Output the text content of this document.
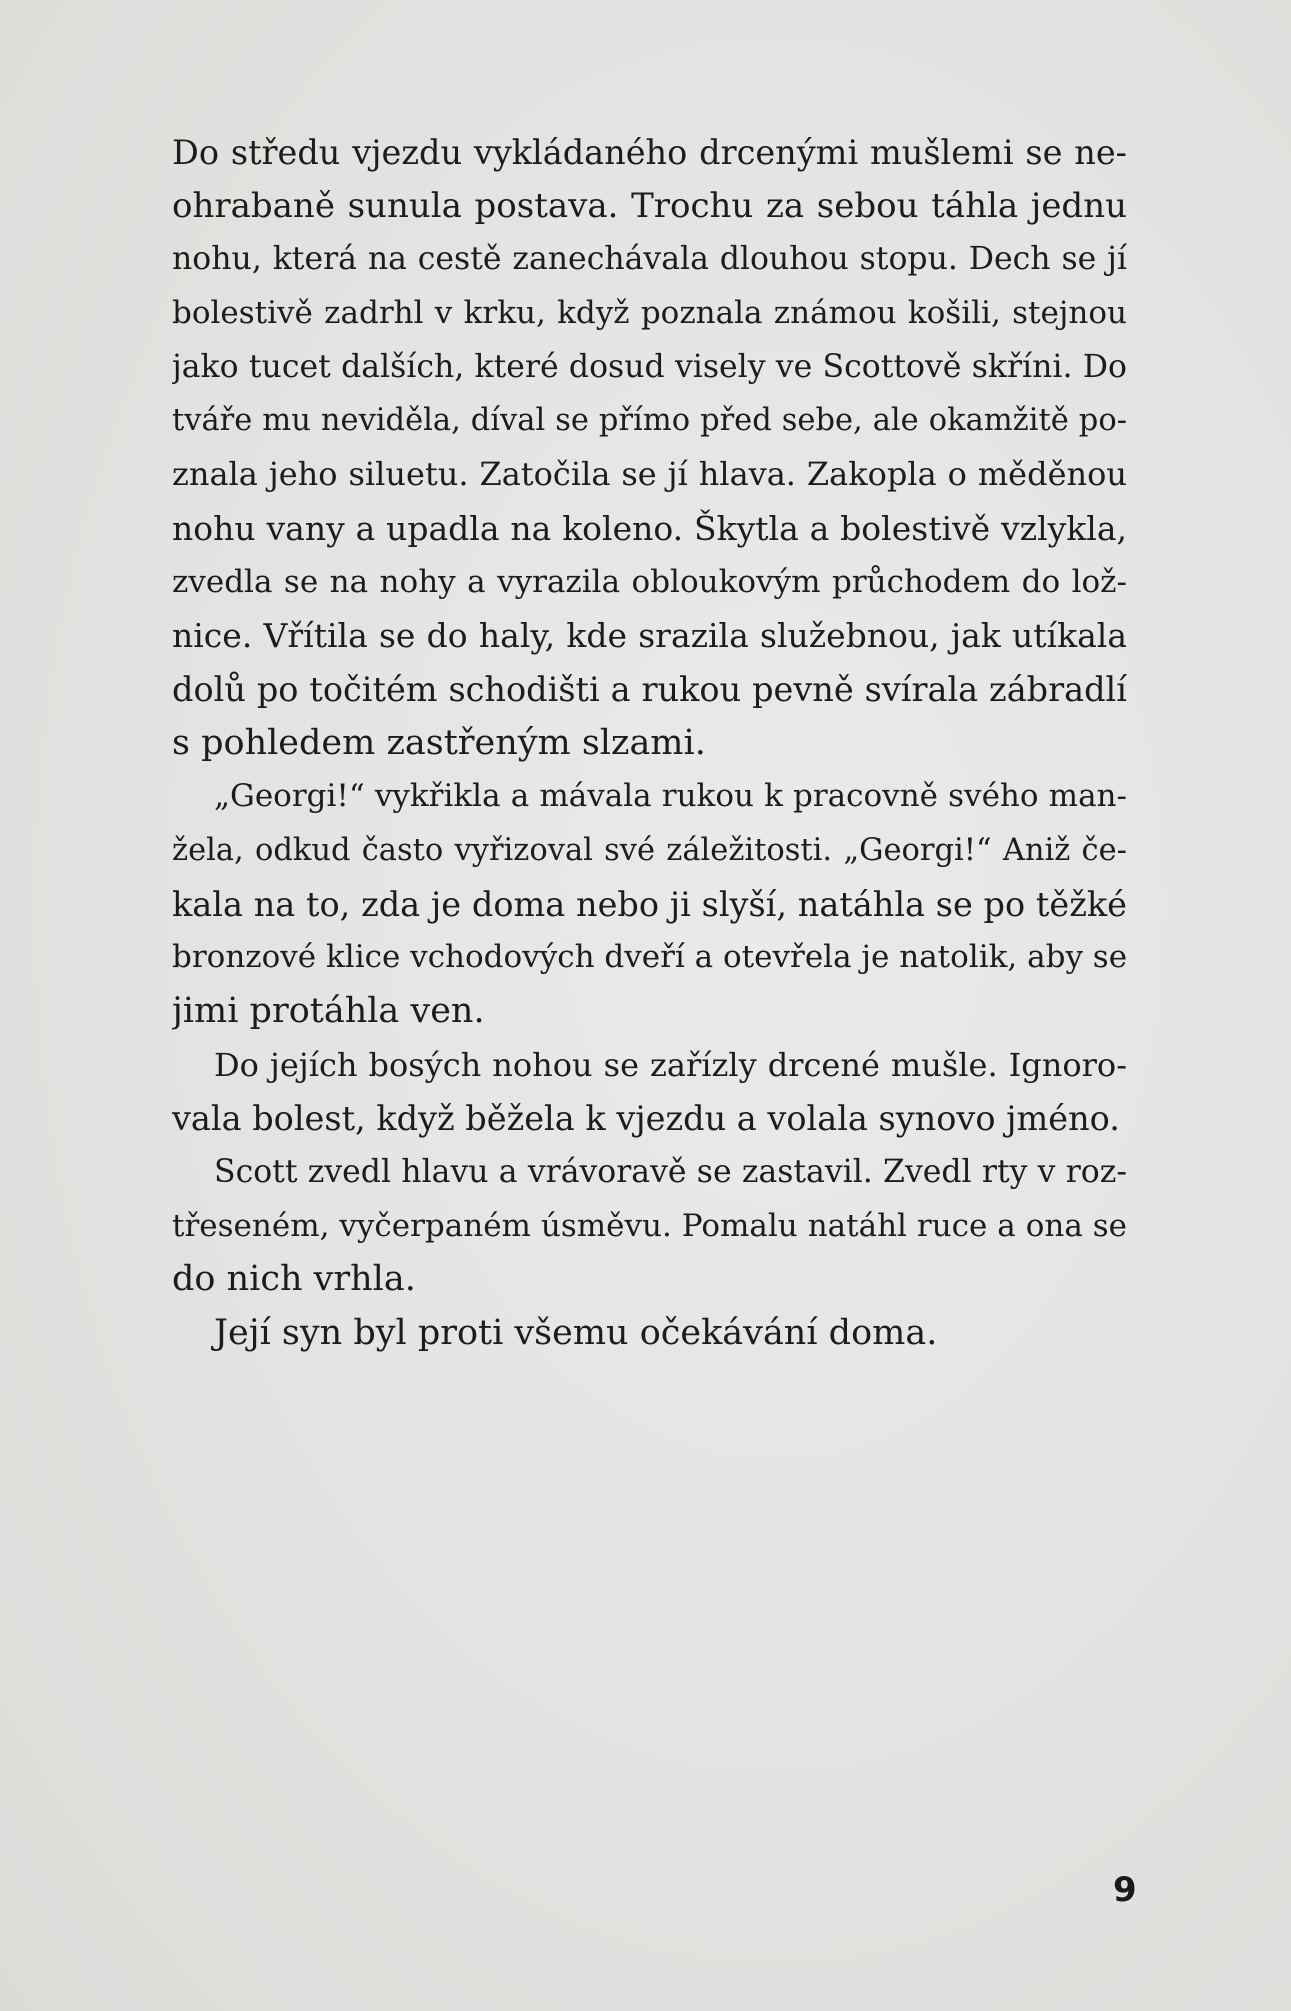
Do středu vjezdu vykládaného drcenými mušlemi se ne-
ohrabaně sunula postava. Trochu za sebou táhla jednu
nohu, která na cestě zanechávala dlouhou stopu. Dech se jí
bolestivě zadrhl v krku, když poznala známou košili, stejnou
jako tucet dalších, které dosud visely ve Scottově skříni. Do
tváře mu neviděla, díval se přímo před sebe, ale okamžitě po-
znala jeho siluetu. Zatočila se jí hlava. Zakopla o měděnou
nohu vany a upadla na koleno. Škytla a bolestivě vzlykla,
zvedla se na nohy a vyrazila obloukovým průchodem do lož-
nice. Vřítila se do haly, kde srazila služebnou, jak utíkala
dolů po točitém schodišti a rukou pevně svírala zábradlí
s pohledem zastřeným slzami.
„Georgi!“ vykřikla a mávala rukou k pracovně svého man-
žela, odkud často vyřizoval své záležitosti. „Georgi!“ Aniž če-
kala na to, zda je doma nebo ji slyší, natáhla se po těžké
bronzové klice vchodových dveří a otevřela je natolik, aby se
jimi protáhla ven.
Do jejích bosých nohou se zařízly drcené mušle. Ignoro-
vala bolest, když běžela k vjezdu a volala synovo jméno.
Scott zvedl hlavu a vrávoravě se zastavil. Zvedl rty v roz-
třeseném, vyčerpaném úsměvu. Pomalu natáhl ruce a ona se
do nich vrhla.
Její syn byl proti všemu očekávání doma.
9
